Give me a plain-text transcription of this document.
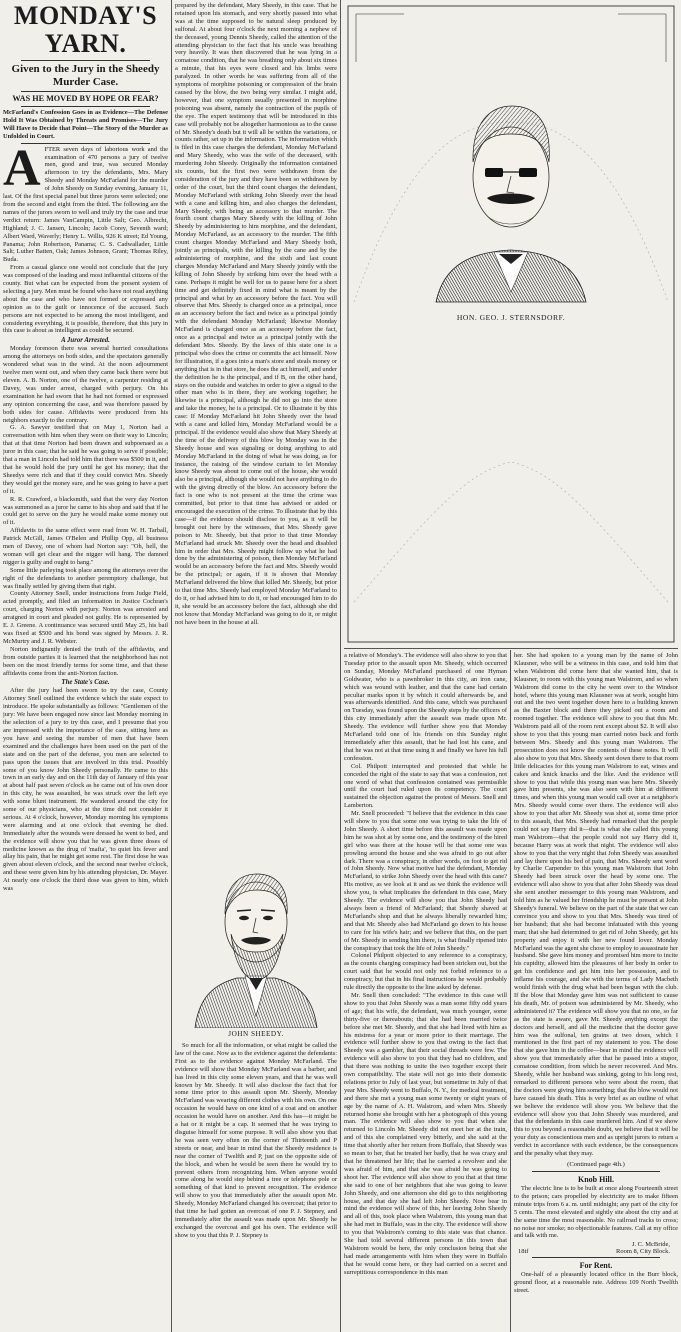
MONDAY'S YARN.
Given to the Jury in the Sheedy Murder Case.
WAS HE MOVED BY HOPE OR FEAR?

McFarland's Confession Goes in as Evidence—The Defense Hold It Was Obtained by Threats and Promises—The Jury Will Have to Decide that Point—The Story of the Murder as Unfolded in Court.

AFTER seven days of laborious work and the examination of 470 persons a jury of twelve men, good and true, was secured Monday afternoon to try the defendants, Mrs. Mary Sheedy and Monday McFarland for the murder of John Sheedy on Sunday evening, January 11, last. Of the first special panel but three jurors were selected; one from the second and eight from the third. The following are the names of the jurors sworn to well and truly try the case and true verdict return: James VanCampin, Little Salt; Geo. Albrecht, Highland; J. C. Jansen, Lincoln; Jacob Corey, Seventh ward; Albert Ward, Waverly; Henry L. Willis, 926 K street; Ed Young, Panama; John Robertson, Panama; C. S. Cadwallader, Little Salt; Luther Batten, Oak; James Johnson, Grant; Thomas Riley, Buda.

From a casual glance one would not conclude that the jury was composed of the leading and most influential citizens of the county. But what can be expected from the present system of selecting a jury. Men must be found who have not read anything about the case and who have not formed or expressed any opinion as to the guilt or innocence of the accused. Such persons are not expected to be among the most intelligent, and considering everything, it is possible, therefore, that this jury in this case is about as intelligent as could be secured.

A Juror Arrested.

Monday forenoon there was several hurried consultations among the attorneys on both sides, and the spectators generally wondered what was in the wind. At the noon adjournment twelve men went out, and when they came back there were but eleven. A. B. Norton, one of the twelve, a carpenter residing at Davey, was under arrest, charged with perjury. On his examination he had sworn that he had not formed or expressed any opinion concerning the case, and was therefore passed by both sides for cause. Affidavits were produced from his neighbors exactly to the contrary.

G. A. Sawyer testified that on May 1, Norton had a conversation with him when they were on their way to Lincoln; that at that time Norton had been drawn and subpoenaed as a juror in this case; that he said he was going to serve if possible; that a man in Lincoln had told him that there was $500 in it, and that he would hold the jury until he got his money; that the Sheedys were rich and that if they could convict Mrs. Sheedy they would get the money sure, and he was going to have a part of it.

R. R. Crawford, a blacksmith, said that the very day Norton was summoned as a juror he came to his shop and said that if he could get to serve on the jury he would make some money out of it.

Affidavits to the same effect were read from W. H. Tarball, Patrick McGill, James O'Belen and Phillip Opp, all business men of Davey, one of whom had Norton say: "Oh, hell, the woman will get clear and the nigger will hang. The damned nigger is guilty and ought to hang."

Some little parleying took place among the attorneys over the right of the defendants to another peremptory challenge, but was finally settled by giving them that right.

County Attorney Snell, under instructions from Judge Field, acted promptly, and filed an information in Justice Cochran's court, charging Norton with perjury. Norton was arrested and arraigned in court and pleaded not guilty. He is represented by E. J. Greene. A continuance was secured until May 25, his bail was fixed at $500 and his bond was signed by Messrs. J. R. McMurtry and J. R. Webster.

Norton indignantly denied the truth of the affidavits, and from outside parties it is learned that the neighborhood has not been on the most friendly terms for some time, and that these affidavits come from the anti-Norton faction.

The State's Case.

After the jury had been sworn to try the case, County Attorney Snell outlined the evidence which the state expect to introduce. He spoke substantially as follows: "Gentlemen of the jury: We have been engaged now since last Monday morning in the selection of a jury to try this case, and I presume that you are impressed with the importance of the case, sitting here as you have and seeing the number of men that have been examined and the challenges have been used on the part of the state and on the part of the defense, you men are selected to pass upon the issues that are involved in this trial. Possibly some of you know John Sheedy personally. He came to this town in an early day and on the 11th day of January of this year at about half past seven o'clock as he came out of his own door in this city, he was assaulted, he was struck over the left eye with some blunt instrument. He wandered around the city for some of our physicians, who at the time did not consider it serious. At 4 o'clock, however, Monday morning his symptoms were alarming and at one o'clock that evening he died. Immediately after the wounds were dressed he went to bed, and the evidence will show you that he was given three doses of medicine known as the drug of 'mafia', 'to quiet his fever and allay his pain, that he might get some rest. The first dose he was given about eleven o'clock, and the second near twelve o'clock, and these were given him by his attending physician, Dr. Mayer. At nearly one o'clock the third dose was given to him, which was

prepared by the defendant, Mary Sheedy, in this case. That he retained upon his stomach, and very shortly passed into what was at the time supposed to be natural sleep produced by sulfonal. At about four o'clock the next morning a nephew of the deceased, young Dennis Sheedy, called the attention of the attending physician to the fact that his uncle was breathing very heavily. It was then discovered that he was lying in a comatose condition, that he was breathing only about six times a minute, that his eyes were closed and his limbs were paralyzed. In other words he was suffering from all of the symptoms of morphine poisoning or compression of the brain caused by the blow, the two being very similar. I might add, however, that one symptom usually presented in morphine poisoning was absent, namely the contraction of the pupils of the eye. The expert testimony that will be introduced in this case will probably not be altogether harmonious as to the cause of Mr. Sheedy's death but it will all be within the variations, or counts rather, set up in the information. The information which is filed in this case charges the defendant, Monday McFarland and Mary Sheedy, who was the wife of the deceased, with murdering John Sheedy. Originally the information contained six counts, but the first two were withdrawn from the consideration of the jury and they have been so withdrawn by order of the court, but the third count charges the defendant, Monday McFarland with striking John Sheedy over the head with a cane and killing him, and also charges the defendant, Mary Sheedy, with being an accessory to that murder. The fourth count charges Mary Sheedy with the killing of John Sheedy by administering to him morphine, and the defendant, Monday McFarland, as an accessory to the murder. The fifth count charges Monday McFarland and Mary Sheedy both, jointly as principals, with the killing by the cane and by the administering of morphine, and the sixth and last count charges Monday McFarland and Mary Sheedy jointly with the killing of John Sheedy by striking him over the head with a cane. Perhaps it might be well for us to pause here for a short time and get definitely fixed in mind what is meant by the principal and what by an accessory before the fact. You will observe that Mrs. Sheedy is charged once as a principal, once as an accessory before the fact and twice as a principal jointly with the defendant Monday McFarland; likewise Monday McFarland is charged once as an accessory before the fact, once as a principal and twice as a principal jointly with the defendant Mrs. Sheedy. By the laws of this state one is a principal who does the crime or commits the act himself. Now for illustration, if a goes into a man's store and steals money or anything that is in that store, he does the act himself, and under the definition he is the principal, and if B, on the other hand, stays on the outside and watches in order to give a signal to the other man who is in there, they are working together; he likewise is a principal, although he did not go into the store and take the money, he is a principal. Or to illustrate it by this case: If Monday McFarland hit John Sheedy over the head with a cane and killed him, Monday McFarland would be a principal. If the evidence would also show that Mary Sheedy at the time of the delivery of this blow by Monday was in the Sheedy house and was signaling or doing anything to aid Monday McFarland in the doing of what he was doing, as for instance, the raising of the window curtain to let Monday know Sheedy was about to come out of the house, she would also be a principal, although she would not have anything to do with the giving directly of the blow. An accessory before the fact is one who is not present at the time the crime was committed, but prior to that time has advised or aided or encouraged the execution of the crime. To illustrate that by this case—if the evidence should disclose to you, as it will be brought out here by the witnesses, that Mrs. Sheedy gave poison to Mr. Sheedy, but that prior to that time Monday McFarland had struck Mr. Sheedy over the head and disabled him in order that Mrs. Sheedy might follow up what he had done by the administering of poison, then Monday McFarland would be an accessory before the fact and Mrs. Sheedy would be the principal; or again, if it is shown that Monday McFarland delivered the blow that killed Mr. Sheedy, but prior to that time Mrs. Sheedy had employed Monday McFarland to do it, or had advised him to do it, or had encouraged him to do it, she would be an accessory before the fact, although she did not know that Monday McFarland was going to do it, or might not have been in the house at all.

JOHN SHEEDY.

So much for all the information, or what might be called the law of the case. Now as to the evidence against the defendants: First as to the evidence against Monday McFarland. The evidence will show that Monday McFarland was a barber, and has lived in this city some eleven years, and that he was well known by Mr. Sheedy. It will also disclose the fact that for some time prior to this assault upon Mr. Sheedy, Monday McFarland was wearing different clothes with his own. On one occasion he would have on one kind of a coat and on another occasion he would have on another. And this has—it might be a hat or it might be a cap. It seemed that he was trying to disguise himself for some purpose. It will also show you that he was seen very often on the corner of Thirteenth and P streets or near, and bear in mind that the Sheedy residence is near the corner of Twelfth and P, just on the opposite side of the block, and when he would be seen there he would try to prevent others from recognizing him. When anyone would come along he would step behind a tree or telephone pole or something of that kind to prevent recognition. The evidence will show to you that immediately after the assault upon Mr. Sheedy, Monday McFarland changed his overcoat; that prior to that time he had gotten an overcoat of one P. J. Stepney, and immediately after the assault was made upon Mr. Sheedy he exchanged the overcoat and got his own. The evidence will show to you that this P. J. Stepney is

HON. GEO. J. STERNSDORF.

a relative of Monday's. The evidence will also show to you that Tuesday prior to the assault upon Mr. Sheedy, which occurred on Sunday, Monday McFarland purchased of one Hyman Goldwater, who is a pawnbroker in this city, an iron cane, which was wound with leather, and that the cane had certain peculiar marks upon it by which it could afterwards be, and was afterwards identified. And this cane, which was purchased on Tuesday, was found upon the Sheedy steps by the officers of this city immediately after the assault was made upon Mr. Sheedy. The evidence will further show you that Monday McFarland told one of his friends on this Sunday night immediately after this assault, that he had lost his cane, and that he was not at that time using it and finally we have his full confession.

Col. Philpott interrupted and protested that while he conceded the right of the state to say that was a confession, not one word of what that confession contained was permissible until the court had ruled upon its competency. The court sustained the objection against the protest of Messrs. Snell and Lamberton.

Mr. Snell proceeded: "I believe that the evidence in this case will show to you that some one was trying to take the life of John Sheedy. A short time before this assault was made upon him he was shot at by some one, and the testimony of the hired girl who was there at the house will be that some one was prowling around the house and she was afraid to go out after dark. There was a conspiracy, in other words, on foot to get rid of John Sheedy. Now what motive had the defendant, Monday McFarland, to strike John Sheedy over the head with this cane? His motive, as we look at it and as we think the evidence will show you, is what implicates the defendant in this case, Mary Sheedy. The evidence will show you that John Sheedy had always been a friend of McFarland; that Sheedy shaved at McFarland's shop and that he always liberally rewarded him; and that Mr. Sheedy also had McFarland go down to his house to care for his wife's hair; and we believe that this, on the part of Mr. Sheedy in sending him there, is what finally ripened into the conspiracy that took the life of John Sheedy."

Colonel Philpott objected to any reference to a conspiracy, as the counts charging conspiracy had been stricken out, but the court said that he would not only not forbid reference to a conspiracy, but that in his final instructions he would probably rule directly the opposite to the line asked by defense.

Mr. Snell then concluded: "The evidence in this case will show to you that John Sheedy was a man some fifty odd years of age; that his wife, the defendant, was much younger, some thirty-five or thereabouts; that she had been married twice before she met Mr. Sheedy, and that she had lived with him as his mistress for a year or more prior to their marriage. The evidence will further show to you that owing to the fact that Sheedy was a gambler, that their social threads were few. The evidence will also show to you that they had no children, and that there was nothing to unite the two together except their own compatibility. The state will not go into their domestic relations prior to July of last year, but sometime in July of that year Mrs. Sheedy went to Buffalo, N. Y., for medical treatment, and there she met a young man some twenty or eight years of age by the name of A. H. Walstrom, and when Mrs. Sheedy returned home she brought with her a photograph of this young man. The evidence will also show to you that when she returned to Lincoln Mr. Sheedy did not meet her at the train, and of this she complained very bitterly, and she said at the time that shortly after her return from Buffalo, that Sheedy was so mean to her, that he treated her badly, that he was crazy and that he threatened her life; that he carried a revolver and she was afraid of him, and that she was afraid he was going to shoot her. The evidence will also show to you that at that time she said to one of her neighbors that she was going to leave John Sheedy, and one afternoon she did go to this neighboring house, and that day she had left John Sheedy. Now bear in mind the evidence will show of this, her leaving John Sheedy and all of this, took place when Walstrom, this young man that she had met in Buffalo, was in the city. The evidence will show to you that Walstrom's coming to this state was that chance. She had told several different persons in this town that Walstrom would be here, the only conclusion being that she had made arrangements with him when they were in Buffalo that he would come here, or they had carried on a secret and surreptitious correspondence in this man

her. She had spoken to a young man by the name of John Klausner, who will be a witness in this case, and told him that when Walstrom did come here that she wanted him, that is Klausner, to room with this young man Walstrom, and so when Walstrom did come to the city he went over to the Windsor hotel, where this young man Klausner was at work, sought him out and the two went together down here to a building known as the Baxter block and there they picked out a room and roomed together. The evidence will show to you that this Mr. Walstrom paid all of the room rent except about $2. It will also show to you that this young man carried notes back and forth between Mrs. Sheedy and this young man Walstrom. The prosecution does not know the contents of these notes. It will also show to you that Mrs. Sheedy sent down there to that room little delicacies for this young man Walstrom to eat, wines and cakes and knick knacks and the like. And the evidence will show to you that while this young man was here Mrs. Sheedy gave him presents, she was also seen with him at different times, and when this young man would call over at a neighbor's Mrs. Sheedy would come over there. The evidence will also show to you that after Mr. Sheedy was shot at, some time prior to this assault, that Mrs. Sheedy had remarked that the people could not say Harry did it—that is what she called this young man Walstrom—that the people could not say Harry did it, because Harry was at work that night. The evidence will also show to you that the very night that John Sheedy was assaulted and lay there upon his bed of pain, that Mrs. Sheedy sent word by Charlie Carpender to this young man Walstrom that John Sheedy had been struck over the head by some one. The evidence will also show to you that after John Sheedy was dead she sent another messenger to this young man Walstrom, and told him as he valued her friendship he must be present at John Sheedy's funeral. We believe on the part of the state that we can convince you and show to you that Mrs. Sheedy was tired of her husband; that she had become infatuated with this young man; that she had determined to get rid of John Sheedy, get his property and enjoy it with her new found lover. Monday McFarland was the agent she chose to employ to assassinate her husband. She gave him money and promised him more to incite his cupidity, allowed him the pleasures of her body in order to get his confidence and get him into her possession, and to inflame his courage, and she with the terms of Lady Macbeth would finish with the drug what had been begun with the club. If the blow that Monday gave him was not sufficient to cause his death, Mr. of poison was administered by Mr. Sheedy, who administered it? The evidence will show you that no one, so far as the state is aware, gave Mr. Sheedy anything except the doctors and herself, and all the medicine that the doctor gave him was the sulfonal, ten grains at two doses, which I mentioned in the first part of my statement to you. The dose that she gave him in the coffee—bear in mind the evidence will show you that immediately after that he passed into a stupor, comatose condition, from which he never recovered. And Mrs. Sheedy, while her husband was sinking, going to his long rest, remarked to different persons who were about the room, that the doctors were giving him something; that the blow would not have caused his death. This is very brief as an outline of what we believe the evidence will show you. We believe that the evidence will show you that John Sheedy was murdered, and that the defendants in this case murdered him. And if we show this to you beyond a reasonable doubt, we believe that it will be your duty as conscientious men and as upright jurors to return a verdict in accordance with such evidence, be the consequences and the penalty what they may.

(Continued page 4th.)
Knob Hill.

The electric line is to be built at once along Fourteenth street to the prison; cars propelled by electricity are to make fifteen minute trips from 6 a. m. until midnight; any part of the city for 5 cents. The most elevated and sightly site about the city and at the same time the most reasonable. No railroad tracks to cross; no noise nor smoke; no objectionable features. Call at my office and talk with me.

J. C. McBride,
18tf	Room 8, City Block.
For Rent.

One-half of a pleasantly located office in the Burr block, ground floor, at a reasonable rate. Address 109 North Twelfth street.
